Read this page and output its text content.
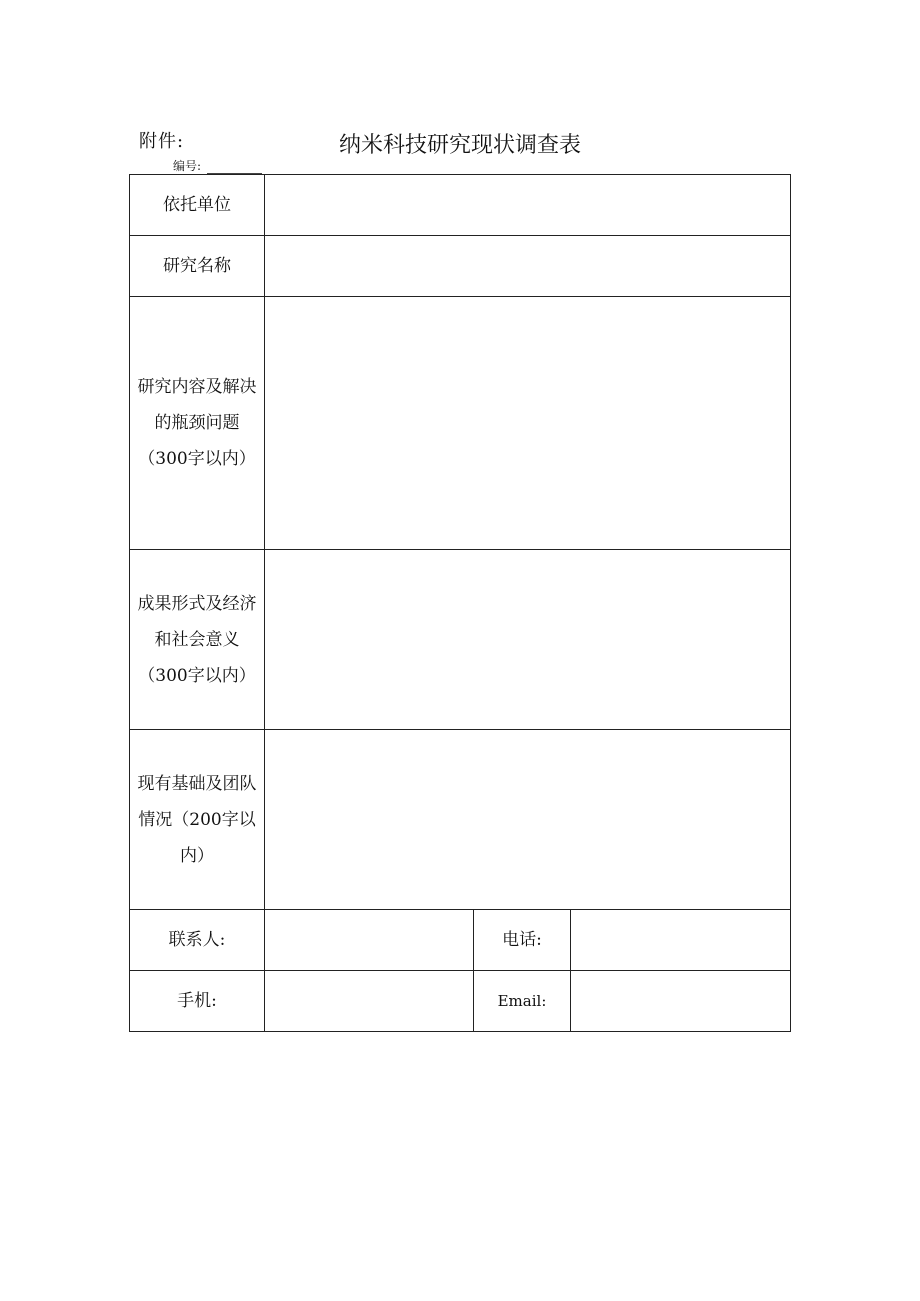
附件:
编号:
纳米科技研究现状调查表
依托单位			
研究名称			
研究内容及解决的瓶颈问题（300字以内）			
成果形式及经济和社会意义（300字以内）			
现有基础及团队情况（200字以内）			
联系人:		电话:	
手机:		Email:	
